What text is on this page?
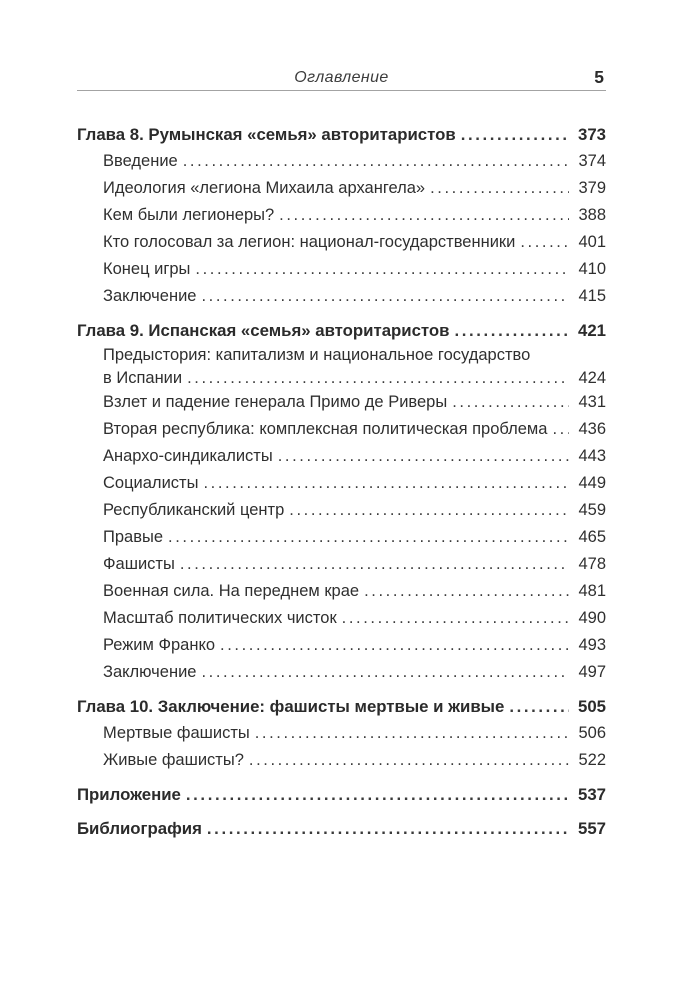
Оглавление	5
Глава 8. Румынская «семья» авторитаристов .....	373
Введение .....	374
Идеология «легиона Михаила архангела» .....	379
Кем были легионеры? .....	388
Кто голосовал за легион: национал-государственники .....	401
Конец игры .....	410
Заключение .....	415
Глава 9. Испанская «семья» авторитаристов .....	421
Предыстория: капитализм и национальное государство
в Испании .....	424
Взлет и падение генерала Примо де Риверы .....	431
Вторая республика: комплексная политическая проблема .....	436
Анархо-синдикалисты .....	443
Социалисты .....	449
Республиканский центр .....	459
Правые .....	465
Фашисты .....	478
Военная сила. На переднем крае .....	481
Масштаб политических чисток .....	490
Режим Франко .....	493
Заключение .....	497
Глава 10. Заключение: фашисты мертвые и живые .....	505
Мертвые фашисты .....	506
Живые фашисты? .....	522
Приложение .....	537
Библиография .....	557
